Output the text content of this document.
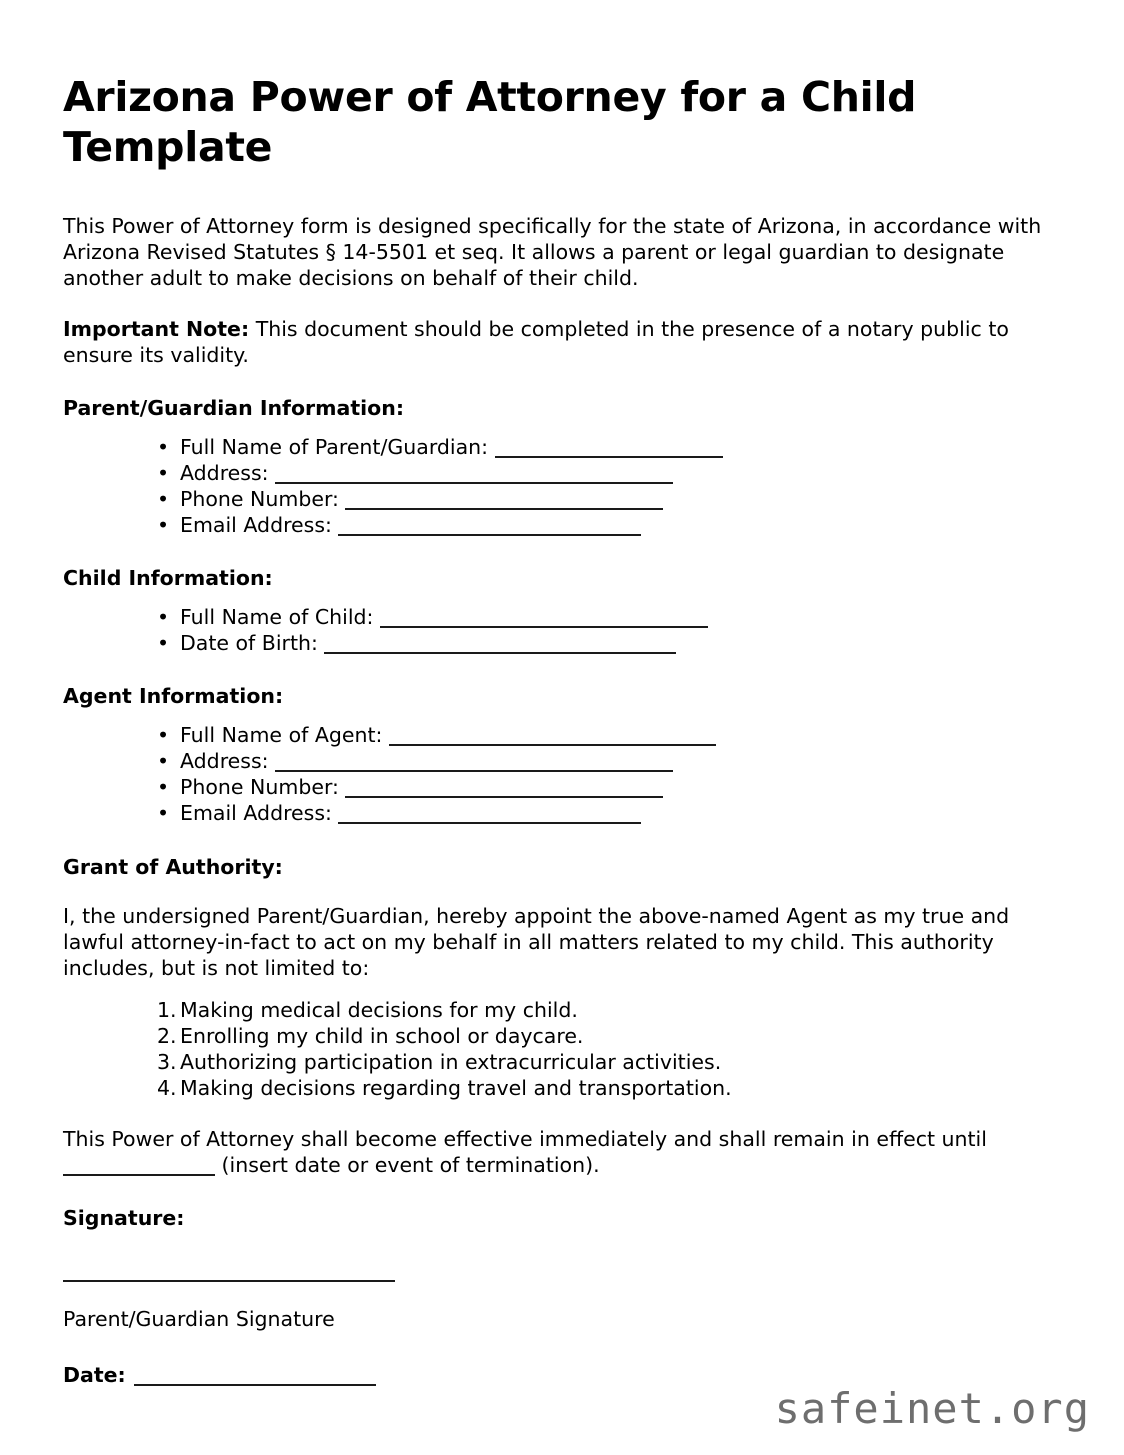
Arizona Power of Attorney for a Child Template

This Power of Attorney form is designed specifically for the state of Arizona, in accordance with Arizona Revised Statutes § 14-5501 et seq. It allows a parent or legal guardian to designate another adult to make decisions on behalf of their child.

Important Note: This document should be completed in the presence of a notary public to ensure its validity.

Parent/Guardian Information:
• Full Name of Parent/Guardian:
• Address:
• Phone Number:
• Email Address:
Child Information:
• Full Name of Child:
• Date of Birth:
Agent Information:
• Full Name of Agent:
• Address:
• Phone Number:
• Email Address:
Grant of Authority:

I, the undersigned Parent/Guardian, hereby appoint the above-named Agent as my true and lawful attorney-in-fact to act on my behalf in all matters related to my child. This authority includes, but is not limited to:

Making medical decisions for my child.
Enrolling my child in school or daycare.
Authorizing participation in extracurricular activities.
Making decisions regarding travel and transportation.

This Power of Attorney shall become effective immediately and shall remain in effect until  (insert date or event of termination).

Signature:

Parent/Guardian Signature

Date:

safeinet.org
